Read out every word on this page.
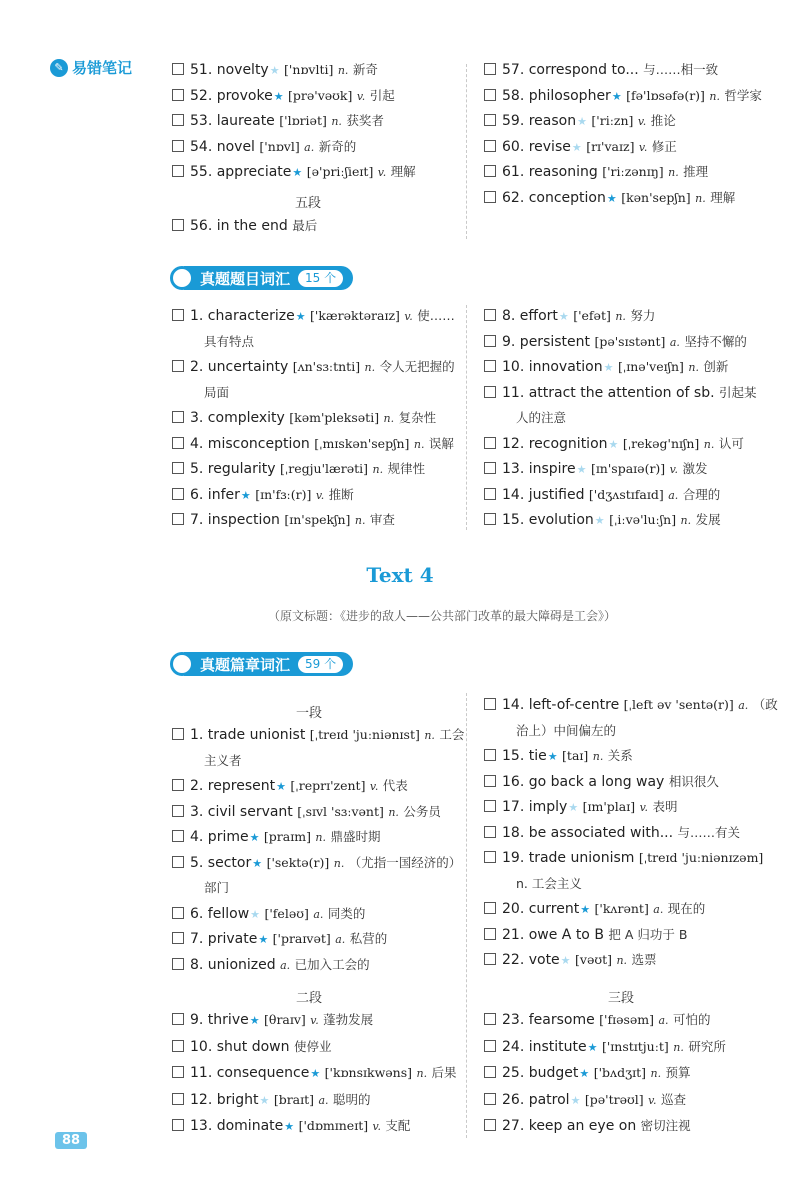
✎ 易错笔记	51. novelty★ ['nɒvlti] n. 新奇
52. provoke★ [prə'vəʊk] v. 引起
53. laureate ['lɒriət] n. 获奖者
54. novel ['nɒvl] a. 新奇的
55. appreciate★ [ə'priːʃieɪt] v. 理解
56. in the end 最后
57. correspond to... 与……相一致
58. philosopher★ [fə'lɒsəfə(r)] n. 哲学家
59. reason★ ['riːzn] v. 推论
60. revise★ [rɪ'vaɪz] v. 修正
61. reasoning ['riːzənɪŋ] n. 推理
62. conception★ [kən'sepʃn] n. 理解
1. characterize★ ['kærəktəraɪz] v. 使……
具有特点
2. uncertainty [ʌn'sɜːtnti] n. 令人无把握的
局面
3. complexity [kəm'pleksəti] n. 复杂性
4. misconception [ˌmɪskən'sepʃn] n. 误解
5. regularity [ˌregju'lærəti] n. 规律性
6. infer★ [ɪn'fɜː(r)] v. 推断
7. inspection [ɪn'spekʃn] n. 审查
8. effort★ ['efət] n. 努力
9. persistent [pə'sɪstənt] a. 坚持不懈的
10. innovation★ [ˌɪnə'veɪʃn] n. 创新
11. attract the attention of sb. 引起某
人的注意
12. recognition★ [ˌrekəg'nɪʃn] n. 认可
13. inspire★ [ɪn'spaɪə(r)] v. 激发
14. justified ['dʒʌstɪfaɪd] a. 合理的
15. evolution★ [ˌiːvə'luːʃn] n. 发展
1. trade unionist [ˌtreɪd 'juːniənɪst] n. 工会
主义者
2. represent★ [ˌreprɪ'zent] v. 代表
3. civil servant [ˌsɪvl 'sɜːvənt] n. 公务员
4. prime★ [praɪm] n. 鼎盛时期
5. sector★ ['sektə(r)] n. （尤指一国经济的）
部门
6. fellow★ ['feləʊ] a. 同类的
7. private★ ['praɪvət] a. 私营的
8. unionized a. 已加入工会的
9. thrive★ [θraɪv] v. 蓬勃发展
10. shut down 使停业
11. consequence★ ['kɒnsɪkwəns] n. 后果
12. bright★ [braɪt] a. 聪明的
13. dominate★ ['dɒmɪneɪt] v. 支配
14. left-of-centre [ˌleft əv 'sentə(r)] a. （政
治上）中间偏左的
15. tie★ [taɪ] n. 关系
16. go back a long way 相识很久
17. imply★ [ɪm'plaɪ] v. 表明
18. be associated with... 与……有关
19. trade unionism [ˌtreɪd 'juːniənɪzəm]
n. 工会主义
20. current★ ['kʌrənt] a. 现在的
21. owe A to B 把 A 归功于 B
22. vote★ [vəʊt] n. 选票
23. fearsome ['fɪəsəm] a. 可怕的
24. institute★ ['ɪnstɪtjuːt] n. 研究所
25. budget★ ['bʌdʒɪt] n. 预算
26. patrol★ [pə'trəʊl] v. 巡查
27. keep an eye on 密切注视
五段
真题题目词汇	15 个
Text 4
（原文标题：《进步的敌人——公共部门改革的最大障碍是工会》）
真题篇章词汇	59 个
一段
二段	三段
88
